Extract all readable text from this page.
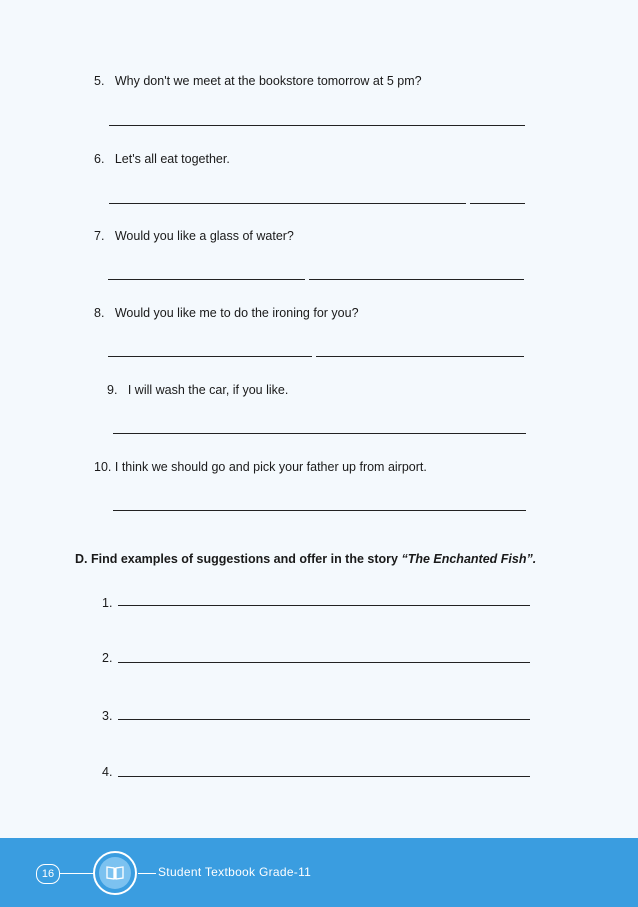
5. Why don't we meet at the bookstore tomorrow at 5 pm?
6. Let's all eat together.
7. Would you like a glass of water?
8. Would you like me to do the ironing for you?
9. I will wash the car, if you like.
10. I think we should go and pick your father up from airport.
D. Find examples of suggestions and offer in the story “The Enchanted Fish”.
1.
2.
3.
4.
16	Student Textbook Grade-11
